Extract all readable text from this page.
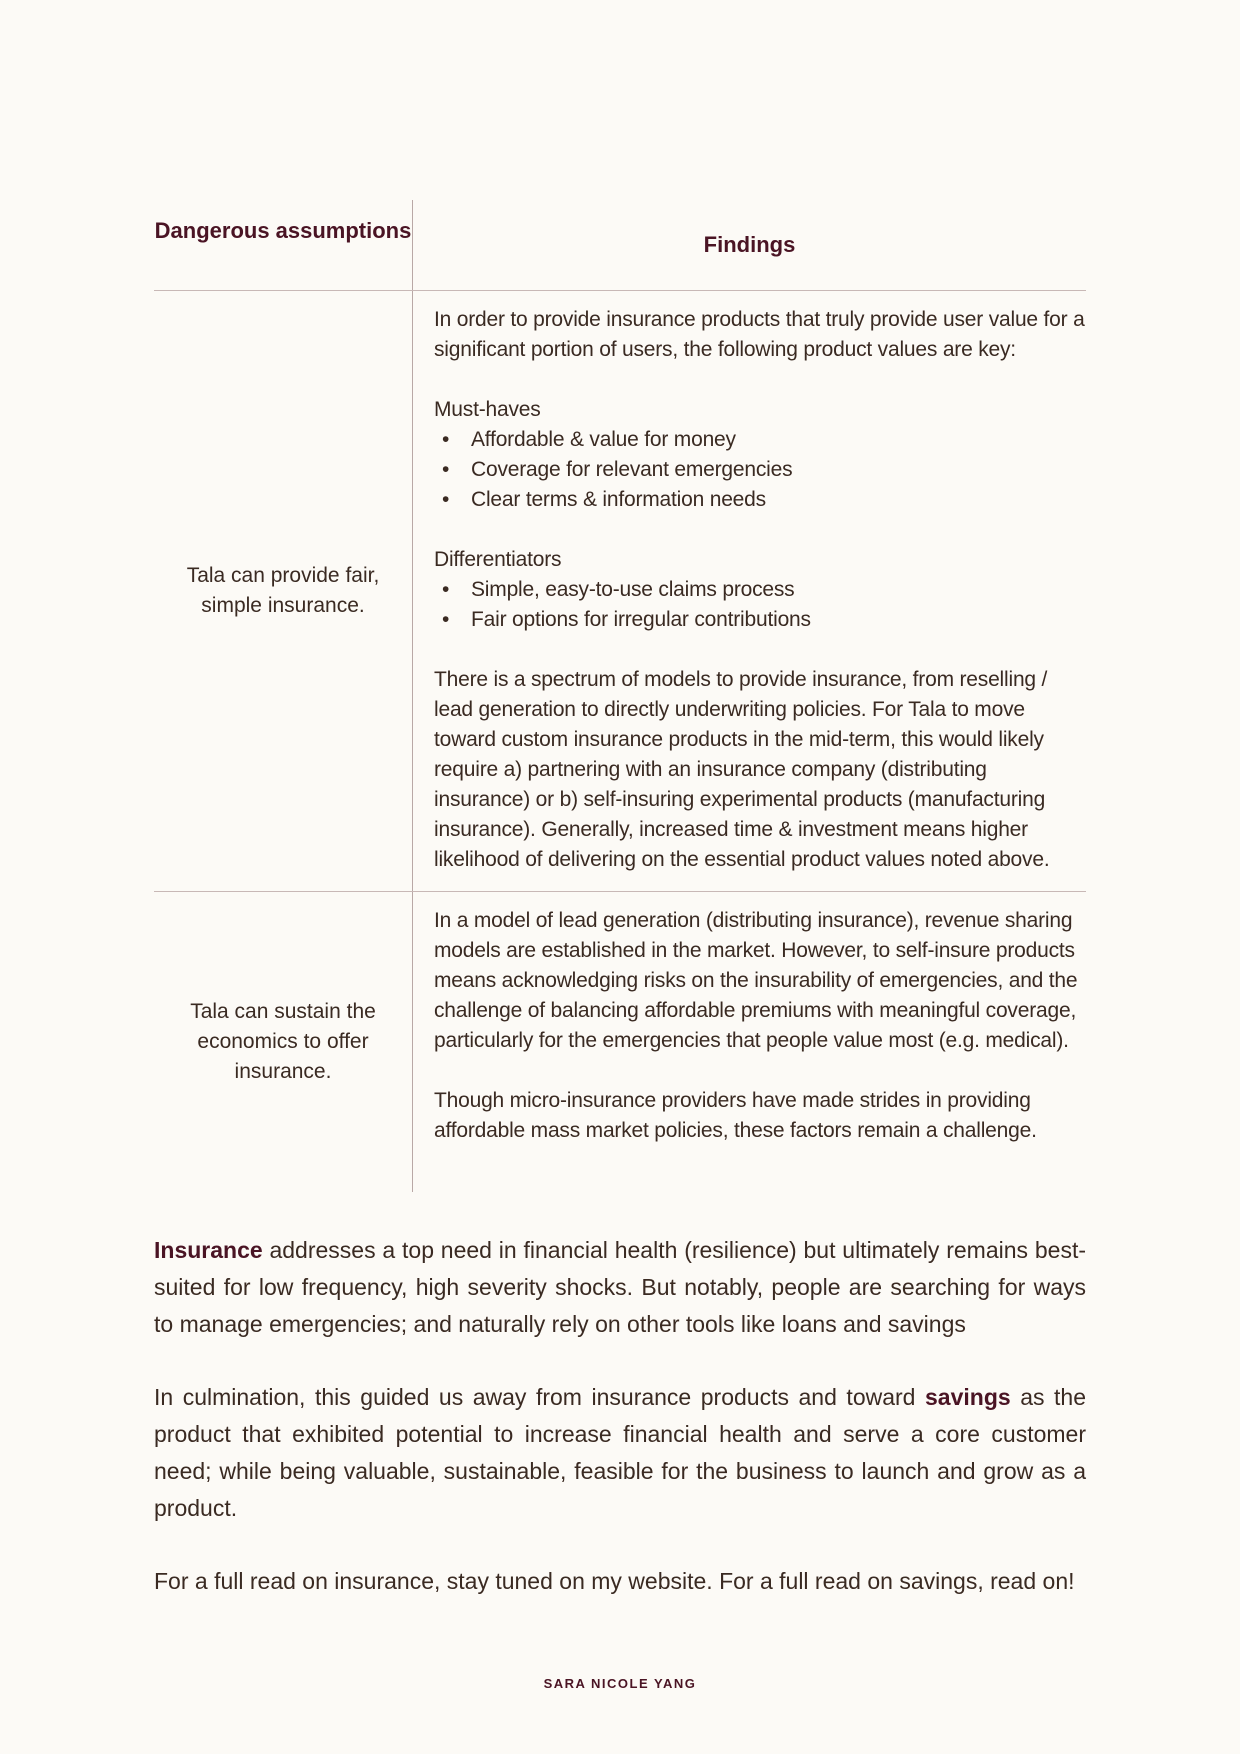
Dangerous assumptions
Findings
Tala can provide fair, simple insurance.

In order to provide insurance products that truly provide user value for a significant portion of users, the following product values are key:

Must-haves

• Affordable & value for money
• Coverage for relevant emergencies
• Clear terms & information needs

Differentiators

• Simple, easy-to-use claims process
• Fair options for irregular contributions

There is a spectrum of models to provide insurance, from reselling / lead generation to directly underwriting policies. For Tala to move toward custom insurance products in the mid-term, this would likely require a) partnering with an insurance company (distributing insurance) or b) self-insuring experimental products (manufacturing insurance). Generally, increased time & investment means higher likelihood of delivering on the essential product values noted above.

Tala can sustain the economics to offer insurance.

In a model of lead generation (distributing insurance), revenue sharing models are established in the market. However, to self-insure products means acknowledging risks on the insurability of emergencies, and the challenge of balancing affordable premiums with meaningful coverage, particularly for the emergencies that people value most (e.g. medical).

Though micro-insurance providers have made strides in providing affordable mass market policies, these factors remain a challenge.

Insurance addresses a top need in financial health (resilience) but ultimately remains best-suited for low frequency, high severity shocks. But notably, people are searching for ways to manage emergencies; and naturally rely on other tools like loans and savings

In culmination, this guided us away from insurance products and toward savings as the product that exhibited potential to increase financial health and serve a core customer need; while being valuable, sustainable, feasible for the business to launch and grow as a product.

For a full read on insurance, stay tuned on my website. For a full read on savings, read on!

SARA NICOLE YANG
